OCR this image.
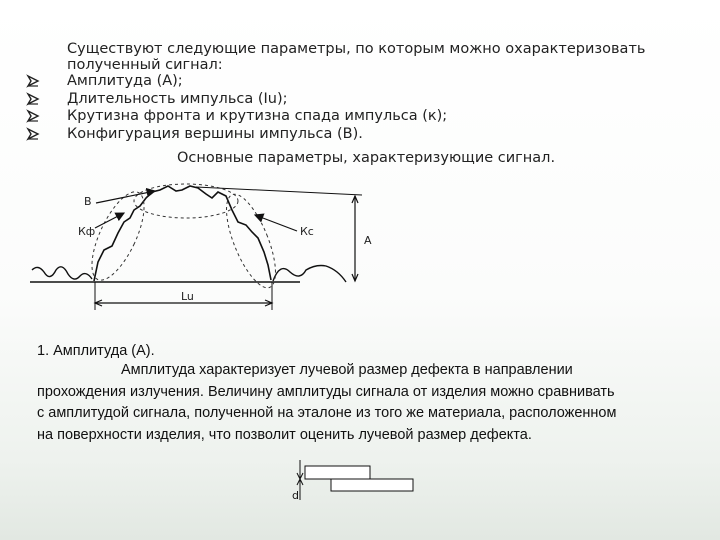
Существуют следующие параметры, по которым можно охарактеризовать
полученный сигнал:
Амплитуда (А);
Длительность импульса (Iu);
Крутизна фронта и крутизна спада импульса (к);
Конфигурация вершины импульса (В).
Основные параметры, характеризующие сигнал.
B
Кф	Кс
A
Lu
d
1. Амплитуда (А).
Амплитуда характеризует лучевой размер дефекта в направлении
прохождения излучения. Величину амплитуды сигнала от изделия можно сравнивать
с амплитудой сигнала, полученной на эталоне из того же материала, расположенном
на поверхности изделия, что позволит оценить лучевой размер дефекта.
